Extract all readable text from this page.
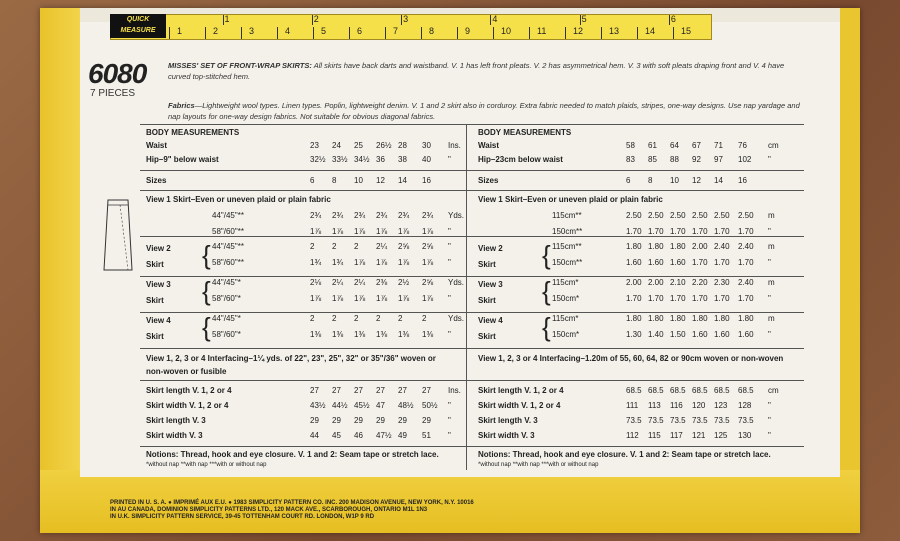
QUICK
MEASURE	1	2	3	4	5	6	7	8	9	10	11	12	13	14	15
1	2	3	4	5	6
6080
7 PIECES
MISSES' SET OF FRONT-WRAP SKIRTS: All skirts have back darts and waistband. V. 1 has left front pleats. V. 2 has asymmetrical hem. V. 3 with soft pleats draping front and V. 4 have curved top-stitched hem.
Fabrics—Lightweight wool types. Linen types. Poplin, lightweight denim. V. 1 and 2 skirt also in corduroy. Extra fabric needed to match plaids, stripes, one-way designs. Use nap yardage and nap layouts for one-way design fabrics. Not suitable for obvious diagonal fabrics.
BODY MEASUREMENTS
Waist	23 24 25 26½ 28 30 Ins.
Hip–9" below waist	32½ 33½ 34½ 36 38 40 "
Sizes	6 8 10 12 14 16
View 1 Skirt–Even or uneven plaid or plain fabric
44"/45"**	2¾ 2¾ 2¾ 2¾ 2¾ 2¾ Yds.
58"/60"**	1⅞ 1⅞ 1⅞ 1⅞ 1⅞ 1⅞ "
View 2
Skirt { 44"/45"**	2 2 2 2¼ 2⅝ 2⅝ "
58"/60"**	1¾ 1¾ 1⅞ 1⅞ 1⅞ 1⅞ "
View 3
Skirt { 44"/45"*	2⅛ 2¼ 2¼ 2⅜ 2½ 2⅝ Yds.
58"/60"*	1⅞ 1⅞ 1⅞ 1⅞ 1⅞ 1⅞ "
View 4
Skirt { 44"/45"*	2 2 2 2 2 2	Yds.
58"/60"*	1⅜ 1⅜ 1⅜ 1⅜ 1⅜ 1⅜ "
View 1, 2, 3 or 4 Interfacing–1¼ yds. of 22", 23", 25", 32" or 35"/36" woven or non-woven or fusible
Skirt length V. 1, 2 or 4	27 27 27 27 27 27 Ins.
Skirt width V. 1, 2 or 4	43½ 44½ 45½ 47 48½ 50½ "
Skirt length V. 3	29 29 29 29 29 29 "
Skirt width V. 3	44 45 46 47½ 49 51 "
Notions: Thread, hook and eye closure. V. 1 and 2: Seam tape or stretch lace.
*without nap **with nap ***with or without nap
BODY MEASUREMENTS
Waist	58 61 64 67 71 76	cm
Hip–23cm below waist	83 85 88 92 97 102 "
Sizes	6 8 10 12 14 16
View 1 Skirt–Even or uneven plaid or plain fabric
115cm**	2.50 2.50 2.50 2.50 2.50 2.50 m
150cm**	1.70 1.70 1.70 1.70 1.70 1.70 "
View 2
Skirt { 115cm**	1.80 1.80 1.80 2.00 2.40 2.40 m
150cm**	1.60 1.60 1.60 1.70 1.70 1.70 "
View 3
Skirt { 115cm*	2.00 2.00 2.10 2.20 2.30 2.40 m
150cm*	1.70 1.70 1.70 1.70 1.70 1.70 "
View 4
Skirt { 115cm*	1.80 1.80 1.80 1.80 1.80 1.80 m
150cm*	1.30 1.40 1.50 1.60 1.60 1.60 "
View 1, 2, 3 or 4 Interfacing–1.20m of 55, 60, 64, 82 or 90cm woven or non-woven
Skirt length V. 1, 2 or 4	68.5 68.5 68.5 68.5 68.5 68.5 cm
Skirt width V. 1, 2 or 4	111 113 116 120 123 128 "
Skirt length V. 3	73.5 73.5 73.5 73.5 73.5 73.5 "
Skirt width V. 3	112 115 117 121 125 130 "
Notions: Thread, hook and eye closure. V. 1 and 2: Seam tape or stretch lace.
*without nap **with nap ***with or without nap
PRINTED IN U. S. A. ● IMPRIMÉ AUX E.U. ● 1983 SIMPLICITY PATTERN CO. INC. 200 MADISON AVENUE, NEW YORK, N.Y. 10016
IN AU CANADA, DOMINION SIMPLICITY PATTERNS LTD., 120 MACK AVE., SCARBOROUGH, ONTARIO M1L 1N3
IN U.K. SIMPLICITY PATTERN SERVICE, 39-45 TOTTENHAM COURT RD. LONDON, W1P 9 RD
